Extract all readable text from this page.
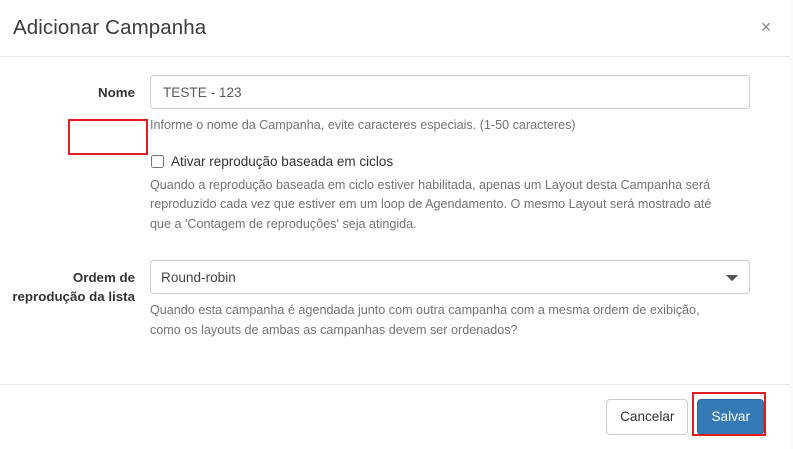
Adicionar Campanha	×
Nome
TESTE - 123
Informe o nome da Campanha, evite caracteres especiais. (1-50 caracteres)
Ativar reprodução baseada em ciclos
Quando a reprodução baseada em ciclo estiver habilitada, apenas um Layout desta Campanha será reproduzido cada vez que estiver em um loop de Agendamento. O mesmo Layout será mostrado até que a 'Contagem de reproduções' seja atingida.
Ordem de reprodução da lista
Round-robin
Quando esta campanha é agendada junto com outra campanha com a mesma ordem de exibição, como os layouts de ambas as campanhas devem ser ordenados?
Cancelar	Salvar
